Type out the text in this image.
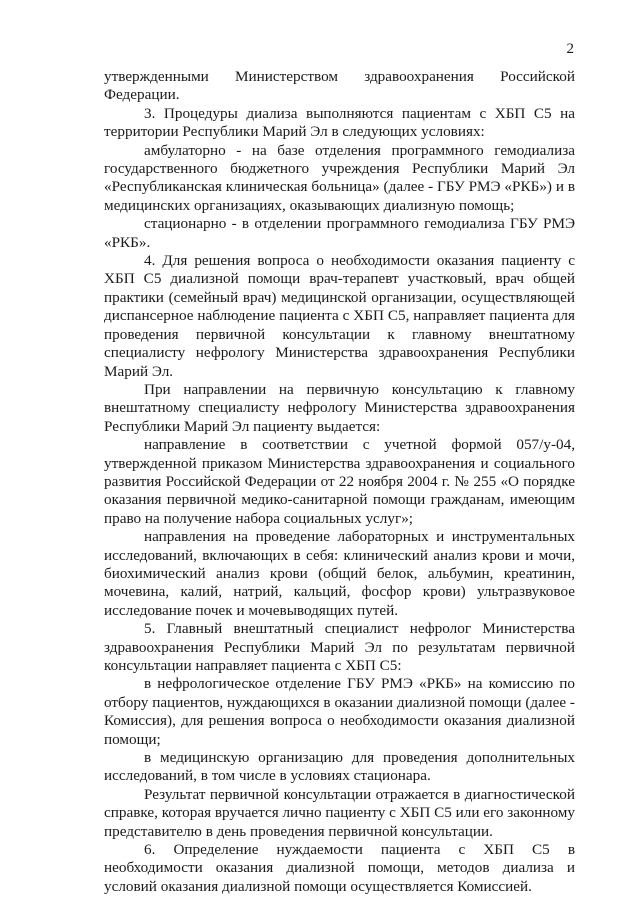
2

утвержденными Министерством здравоохранения Российской Федерации.

3. Процедуры диализа выполняются пациентам с ХБП С5 на территории Республики Марий Эл в следующих условиях:

амбулаторно - на базе отделения программного гемодиализа государственного бюджетного учреждения Республики Марий Эл «Республиканская клиническая больница» (далее - ГБУ РМЭ «РКБ») и в медицинских организациях, оказывающих диализную помощь;

стационарно - в отделении программного гемодиализа ГБУ РМЭ «РКБ».

4. Для решения вопроса о необходимости оказания пациенту с ХБП С5 диализной помощи врач-терапевт участковый, врач общей практики (семейный врач) медицинской организации, осуществляющей диспансерное наблюдение пациента с ХБП С5, направляет пациента для проведения первичной консультации к главному внештатному специалисту нефрологу Министерства здравоохранения Республики Марий Эл.

При направлении на первичную консультацию к главному внештатному специалисту нефрологу Министерства здравоохранения Республики Марий Эл пациенту выдается:

направление в соответствии с учетной формой 057/у-04, утвержденной приказом Министерства здравоохранения и социального развития Российской Федерации от 22 ноября 2004 г. № 255 «О порядке оказания первичной медико-санитарной помощи гражданам, имеющим право на получение набора социальных услуг»;

направления на проведение лабораторных и инструментальных исследований, включающих в себя: клинический анализ крови и мочи, биохимический анализ крови (общий белок, альбумин, креатинин, мочевина, калий, натрий, кальций, фосфор крови) ультразвуковое исследование почек и мочевыводящих путей.

5. Главный внештатный специалист нефролог Министерства здравоохранения Республики Марий Эл по результатам первичной консультации направляет пациента с ХБП С5:

в нефрологическое отделение ГБУ РМЭ «РКБ» на комиссию по отбору пациентов, нуждающихся в оказании диализной помощи (далее - Комиссия), для решения вопроса о необходимости оказания диализной помощи;

в медицинскую организацию для проведения дополнительных исследований, в том числе в условиях стационара.

Результат первичной консультации отражается в диагностической справке, которая вручается лично пациенту с ХБП С5 или его законному представителю в день проведения первичной консультации.

6. Определение нуждаемости пациента с ХБП С5 в необходимости оказания диализной помощи, методов диализа и условий оказания диализной помощи осуществляется Комиссией.
